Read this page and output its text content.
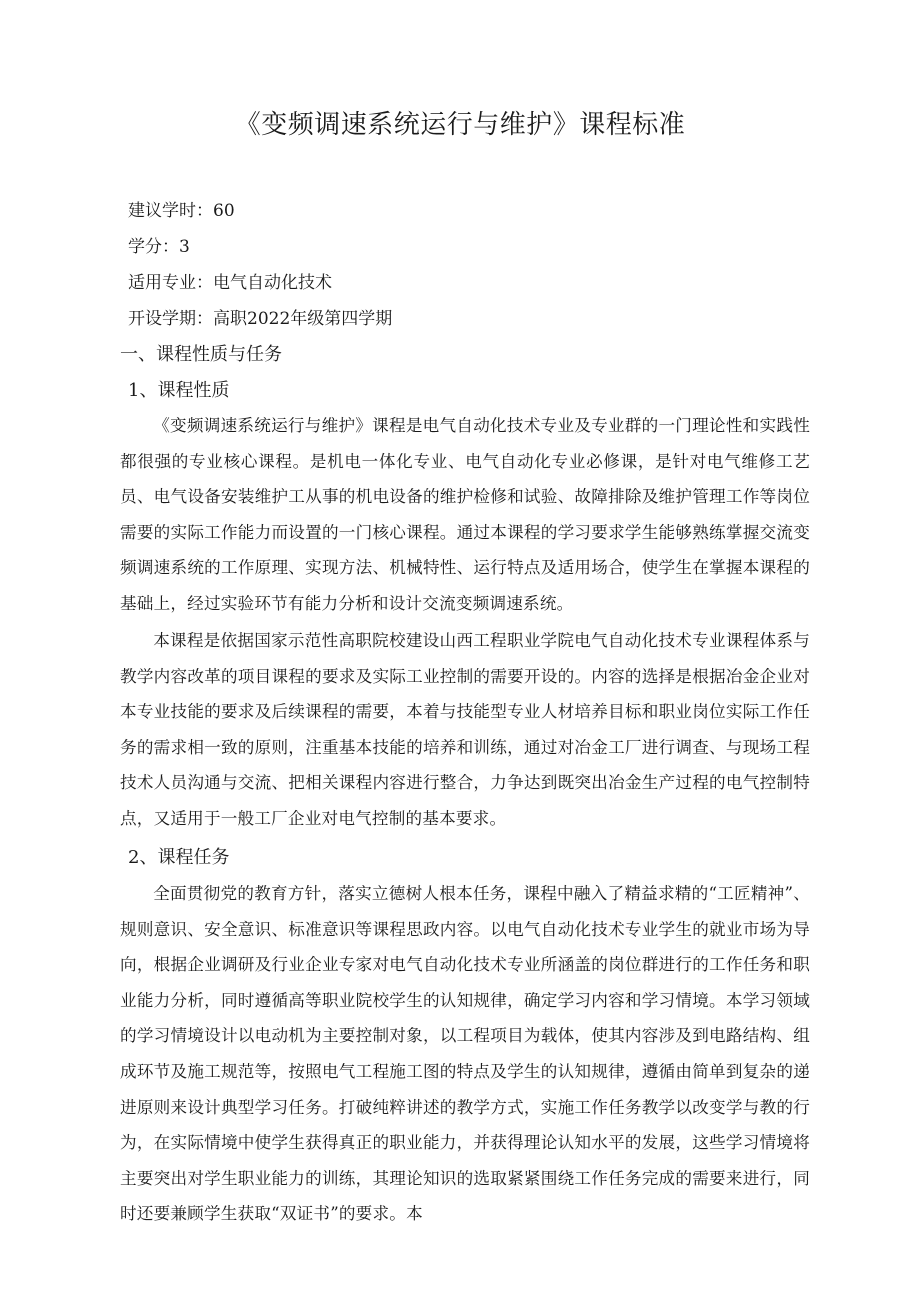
《变频调速系统运行与维护》课程标准
建议学时：60
学分：3
适用专业：电气自动化技术
开设学期：高职2022年级第四学期
一、课程性质与任务
1、课程性质

《变频调速系统运行与维护》课程是电气自动化技术专业及专业群的一门理论性和实践性都很强的专业核心课程。是机电一体化专业、电气自动化专业必修课，是针对电气维修工艺员、电气设备安装维护工从事的机电设备的维护检修和试验、故障排除及维护管理工作等岗位需要的实际工作能力而设置的一门核心课程。通过本课程的学习要求学生能够熟练掌握交流变频调速系统的工作原理、实现方法、机械特性、运行特点及适用场合，使学生在掌握本课程的基础上，经过实验环节有能力分析和设计交流变频调速系统。

本课程是依据国家示范性高职院校建设山西工程职业学院电气自动化技术专业课程体系与教学内容改革的项目课程的要求及实际工业控制的需要开设的。内容的选择是根据冶金企业对本专业技能的要求及后续课程的需要，本着与技能型专业人材培养目标和职业岗位实际工作任务的需求相一致的原则，注重基本技能的培养和训练，通过对冶金工厂进行调查、与现场工程技术人员沟通与交流、把相关课程内容进行整合，力争达到既突出冶金生产过程的电气控制特点，又适用于一般工厂企业对电气控制的基本要求。

2、课程任务

全面贯彻党的教育方针，落实立德树人根本任务，课程中融入了精益求精的“工匠精神”、规则意识、安全意识、标准意识等课程思政内容。以电气自动化技术专业学生的就业市场为导向，根据企业调研及行业企业专家对电气自动化技术专业所涵盖的岗位群进行的工作任务和职业能力分析，同时遵循高等职业院校学生的认知规律，确定学习内容和学习情境。本学习领域的学习情境设计以电动机为主要控制对象，以工程项目为载体，使其内容涉及到电路结构、组成环节及施工规范等，按照电气工程施工图的特点及学生的认知规律，遵循由简单到复杂的递进原则来设计典型学习任务。打破纯粹讲述的教学方式，实施工作任务教学以改变学与教的行为，在实际情境中使学生获得真正的职业能力，并获得理论认知水平的发展，这些学习情境将主要突出对学生职业能力的训练，其理论知识的选取紧紧围绕工作任务完成的需要来进行，同时还要兼顾学生获取“双证书”的要求。本
